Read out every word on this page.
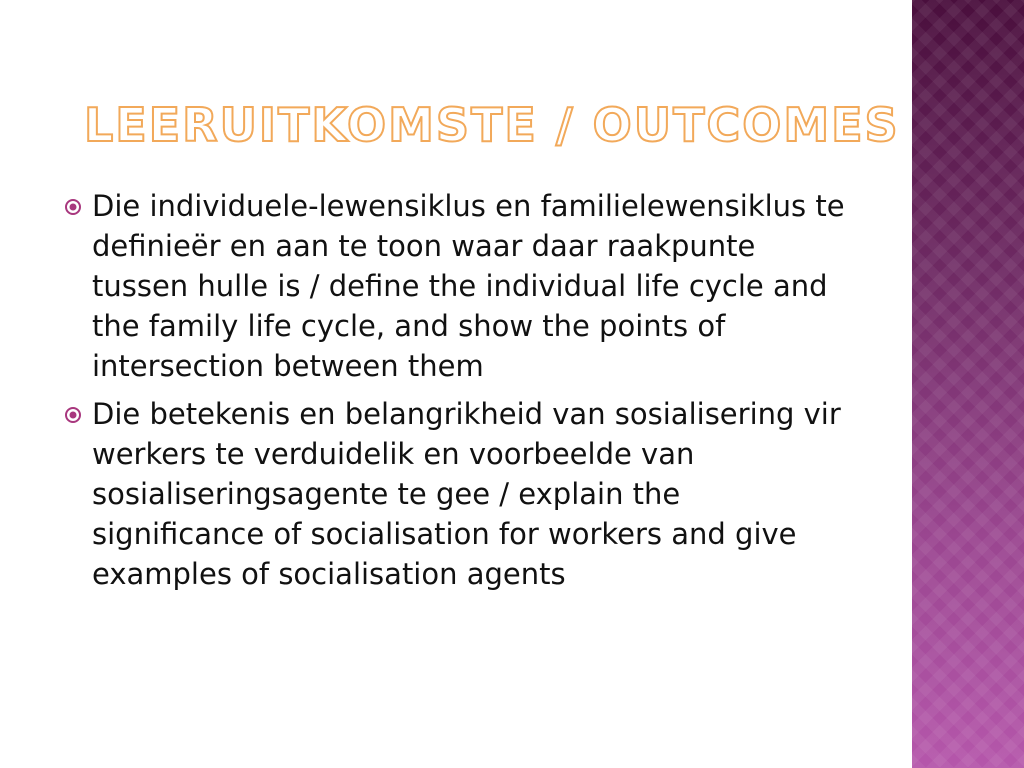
LEERUITKOMSTE / OUTCOMES
Die individuele-lewensiklus en familielewensiklus te definieër en aan te toon waar daar raakpunte tussen hulle is / define the individual life cycle and the family life cycle, and show the points of intersection between them
Die betekenis en belangrikheid van sosialisering vir werkers te verduidelik en voorbeelde van sosialiseringsagente te gee / explain the significance of socialisation for workers and give examples of socialisation agents
